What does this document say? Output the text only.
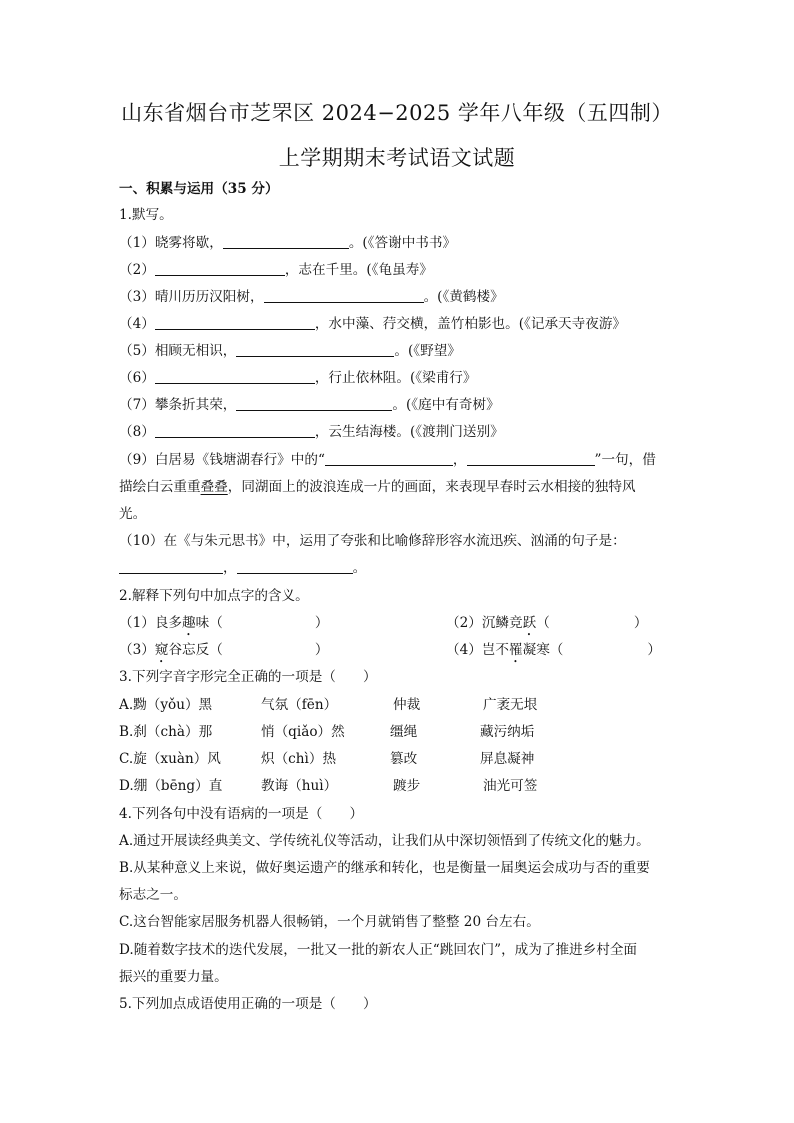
山东省烟台市芝罘区 2024−2025 学年八年级（五四制）
上学期期末考试语文试题
一、积累与运用（35 分）
1.默写。
（1）晓雾将歇，	。(《答谢中书书》
（2）	，志在千里。(《龟虽寿》
（3）晴川历历汉阳树，	。(《黄鹤楼》
（4）	，水中藻、荇交横，盖竹柏影也。(《记承天寺夜游》
（5）相顾无相识，	。(《野望》
（6）	，行止依林阻。(《梁甫行》
（7）攀条折其荣，	。(《庭中有奇树》
（8）	，云生结海楼。(《渡荆门送别》
（9）白居易《钱塘湖春行》中的“	，	”一句，借
描绘白云重重叠叠，同湖面上的波浪连成一片的画面，来表现早春时云水相接的独特风
光。
（10）在《与朱元思书》中，运用了夸张和比喻修辞形容水流迅疾、汹涌的句子是：
，	。
2.解释下列句中加点字的含义。
（1）良多趣味（	）	（2）沉鳞竞跃（	）
（3）窥谷忘反（	）	（4）岂不罹凝寒（	）
3.下列字音字形完全正确的一项是（　　）
A.黝（yǒu）黑	气氛（fēn）	仲裁	广袤无垠
B.刹（chà）那	悄（qiǎo）然	缰绳	藏污纳垢
C.旋（xuàn）风	炽（chì）热	篡改	屏息凝神
D.绷（bēng）直	教诲（huì）	踱步	油光可签
4.下列各句中没有语病的一项是（　　）
A.通过开展读经典美文、学传统礼仪等活动，让我们从中深切领悟到了传统文化的魅力。
B.从某种意义上来说，做好奥运遗产的继承和转化，也是衡量一届奥运会成功与否的重要
标志之一。
C.这台智能家居服务机器人很畅销，一个月就销售了整整 20 台左右。
D.随着数字技术的迭代发展，一批又一批的新农人正“跳回农门”，成为了推进乡村全面
振兴的重要力量。
5.下列加点成语使用正确的一项是（　　）
